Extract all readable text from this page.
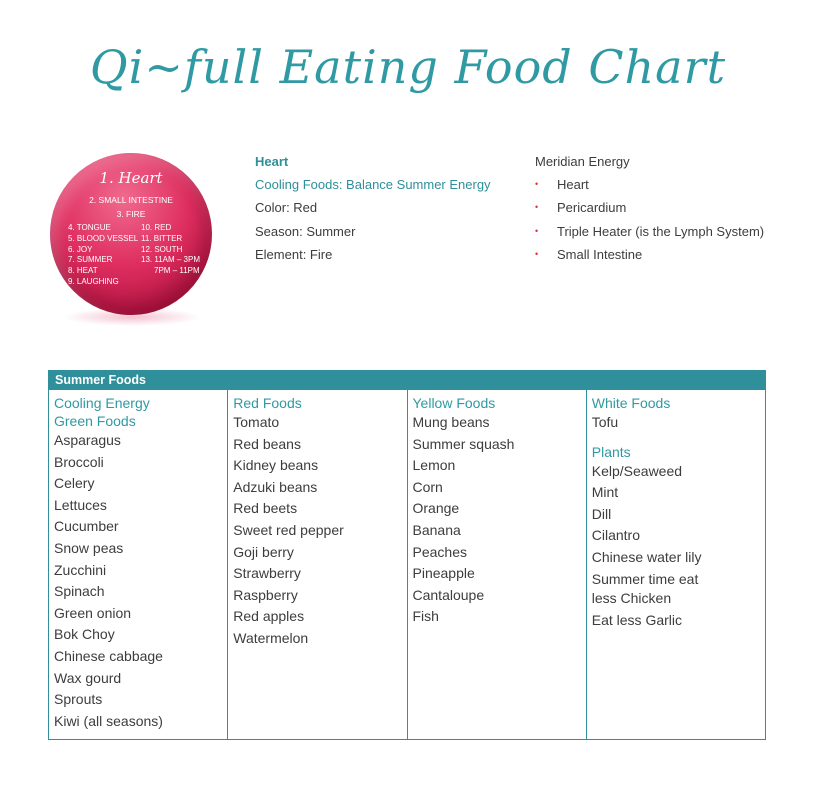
Qi~full Eating Food Chart
1. Heart
2. SMALL INTESTINE
3. FIRE
4. TONGUE
5. BLOOD VESSEL
6. JOY
7. SUMMER
8. HEAT
9. LAUGHING
10. RED
11. BITTER
12. SOUTH
13. 11AM – 3PM
7PM – 11PM
Heart
Cooling Foods: Balance Summer Energy
Color: Red
Season: Summer
Element: Fire
Meridian Energy
• Heart
• Pericardium
• Triple Heater (is the Lymph System)
• Small Intestine
Summer Foods
Cooling Energy
Green Foods
Asparagus
Broccoli
Celery
Lettuces
Cucumber
Snow peas
Zucchini
Spinach
Green onion
Bok Choy
Chinese cabbage
Wax gourd
Sprouts
Kiwi (all seasons)
Red Foods
Tomato
Red beans
Kidney beans
Adzuki beans
Red beets
Sweet red pepper
Goji berry
Strawberry
Raspberry
Red apples
Watermelon
Yellow Foods
Mung beans
Summer squash
Lemon
Corn
Orange
Banana
Peaches
Pineapple
Cantaloupe
Fish
White Foods
Tofu
Plants
Kelp/Seaweed
Mint
Dill
Cilantro
Chinese water lily
Summer time eat
less Chicken
Eat less Garlic
